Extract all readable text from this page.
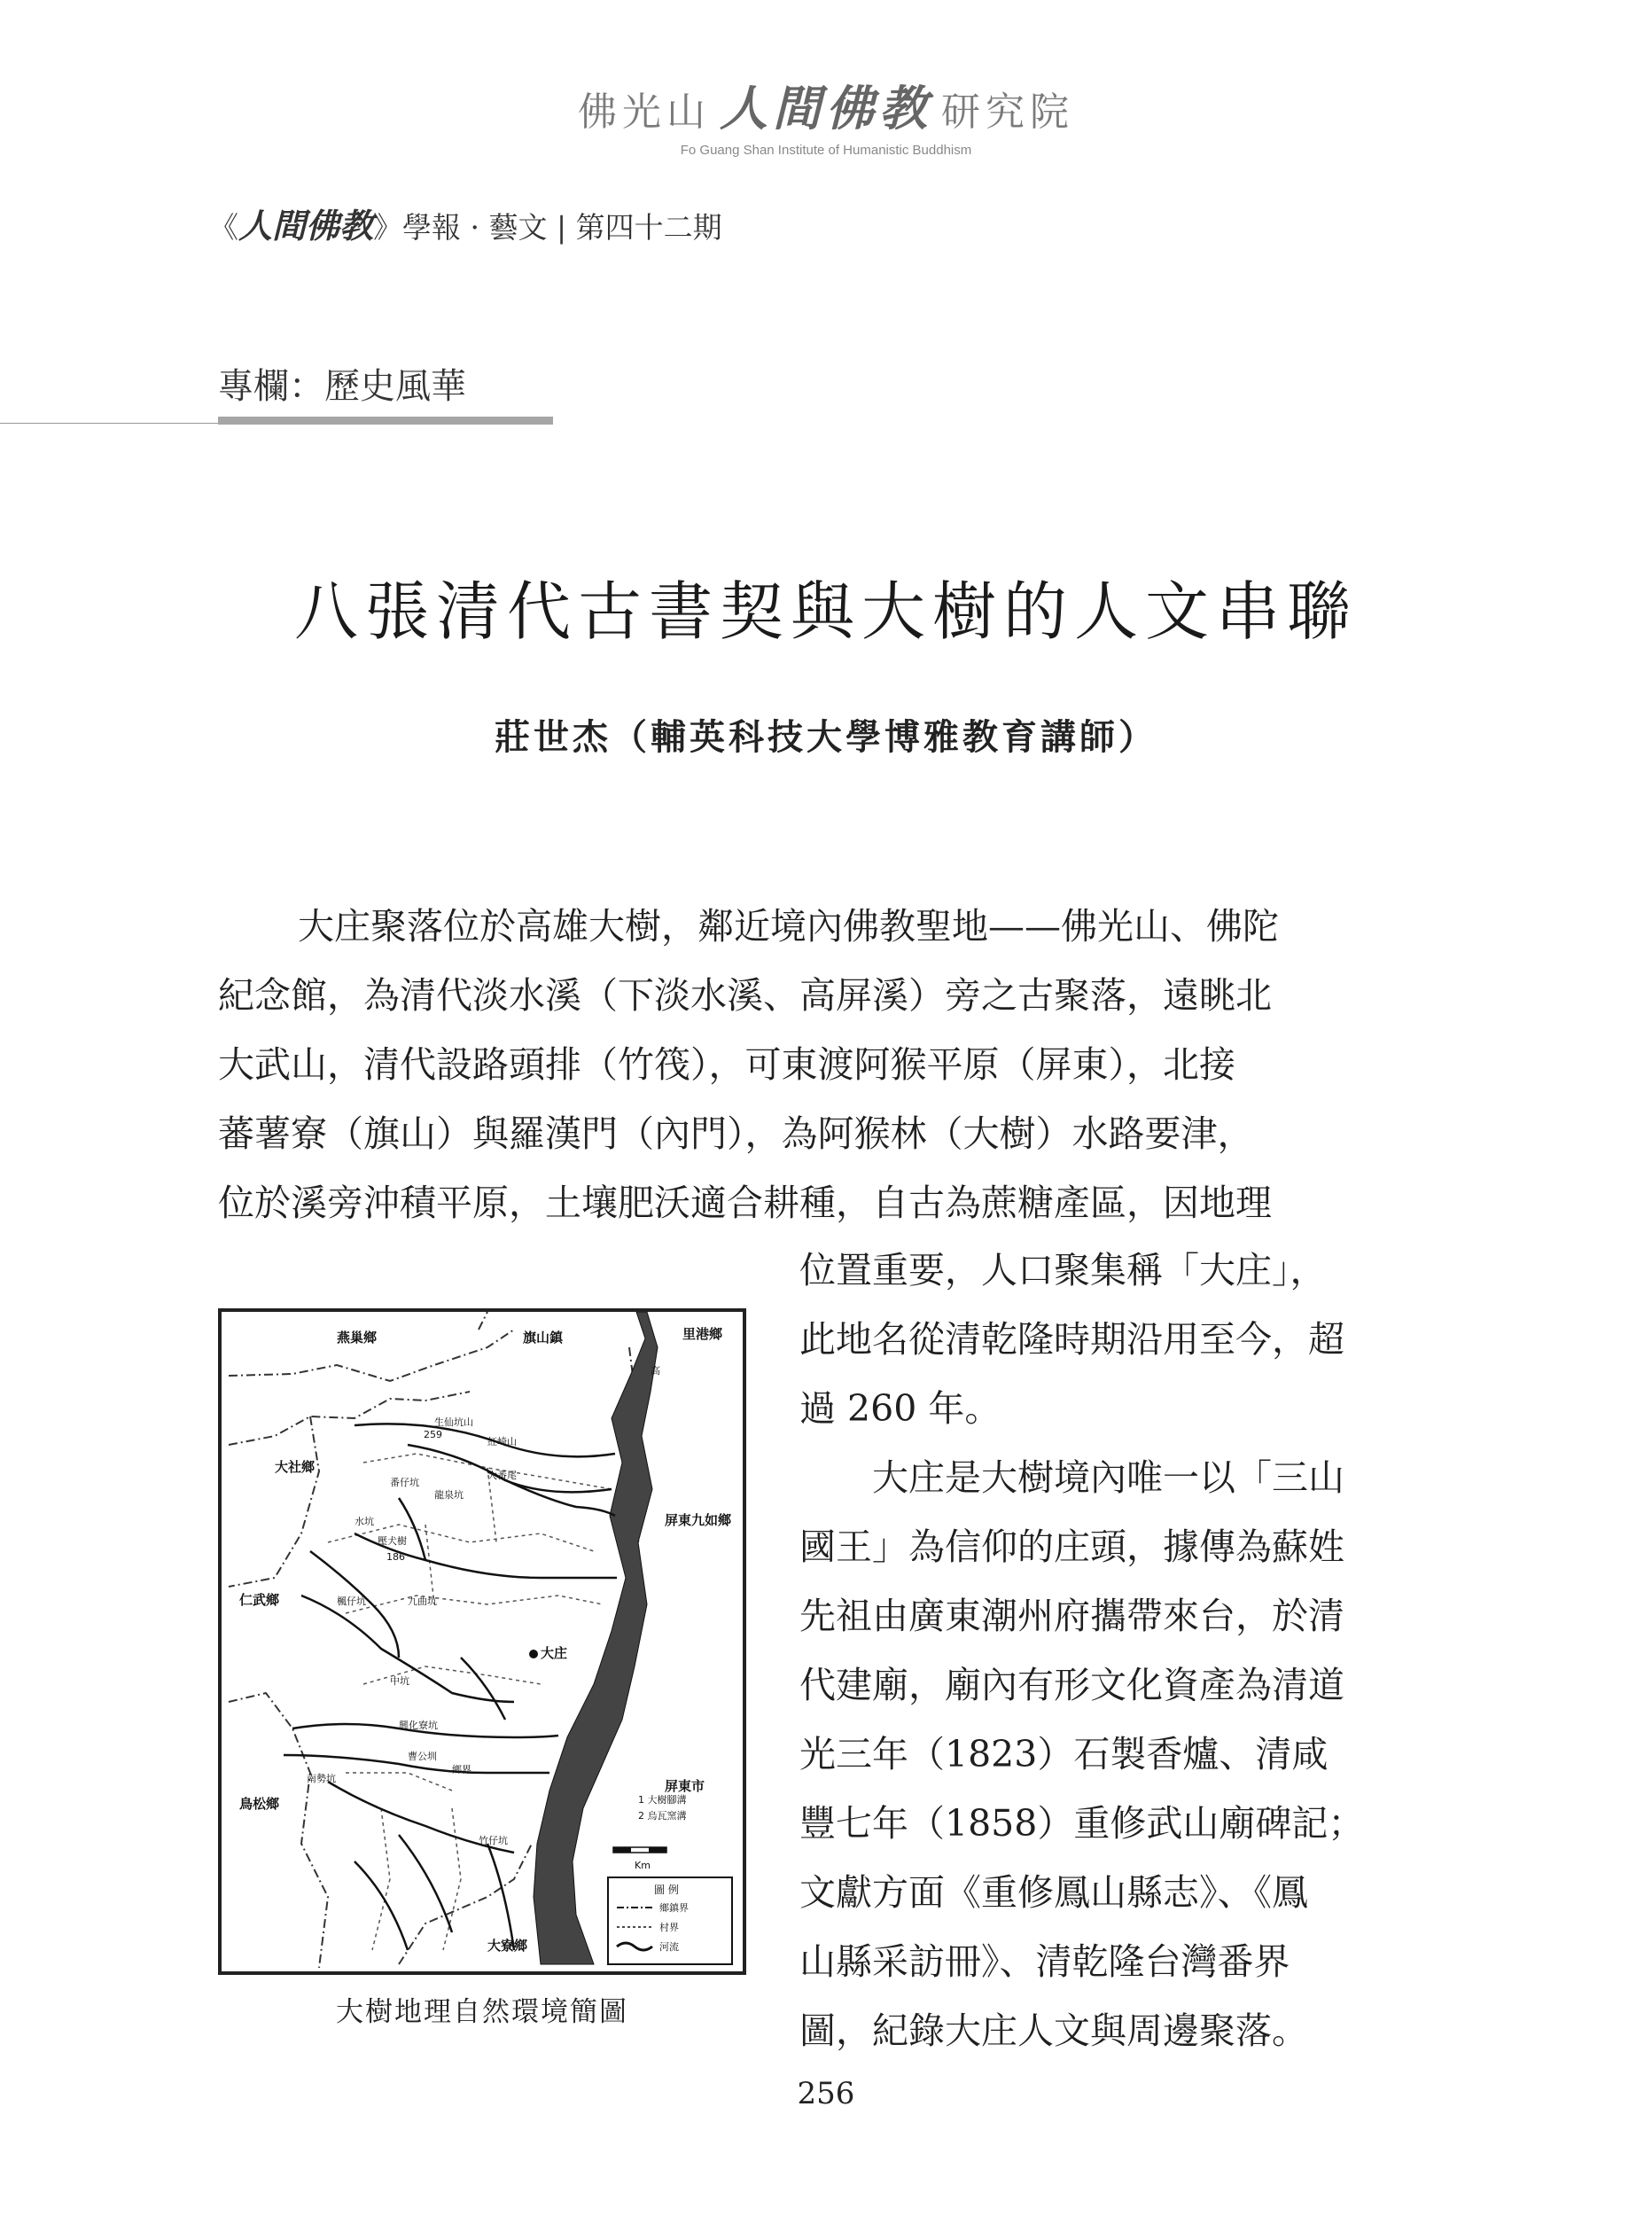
佛光山 人間佛教 研究院
Fo Guang Shan Institute of Humanistic Buddhism
《人間佛教》學報 · 藝文 | 第四十二期
專欄：歷史風華
八張清代古書契與大樹的人文串聯
莊世杰（輔英科技大學博雅教育講師）
大庄聚落位於高雄大樹，鄰近境內佛教聖地——佛光山、佛陀
紀念館，為清代淡水溪（下淡水溪、高屏溪）旁之古聚落，遠眺北
大武山，清代設路頭排（竹筏），可東渡阿猴平原（屏東），北接
蕃薯寮（旗山）與羅漢門（內門），為阿猴林（大樹）水路要津，
位於溪旁沖積平原，土壤肥沃適合耕種，自古為蔗糖產區，因地理
位置重要，人口聚集稱「大庄」，
此地名從清乾隆時期沿用至今，超
過 260 年。
大庄是大樹境內唯一以「三山
國王」為信仰的庄頭，據傳為蘇姓
先祖由廣東潮州府攜帶來台，於清
代建廟，廟內有形文化資產為清道
光三年（1823）石製香爐、清咸
豐七年（1858）重修武山廟碑記；
文獻方面《重修鳳山縣志》、《鳳
山縣采訪冊》、清乾隆台灣番界
圖，紀錄大庄人文與周邊聚落。
燕巢鄉	旗山鎮	里港鄉
大社鄉
仁武鄉
鳥松鄉
屏東九如鄉
屏東市
大寮鄉
大庄
高
259
生仙坑山
紅崎山
大番尾
龍泉坑
番仔坑
水坑
壓犬樹
186
楓仔坑	九曲坑
中坑
興化寮坑
曹公圳
南勢坑
竹仔坑
鄉界
1 大樹腳溝
2 烏瓦窯溝
Km
圖 例
鄉鎮界
村界
河流
大樹地理自然環境簡圖
256
